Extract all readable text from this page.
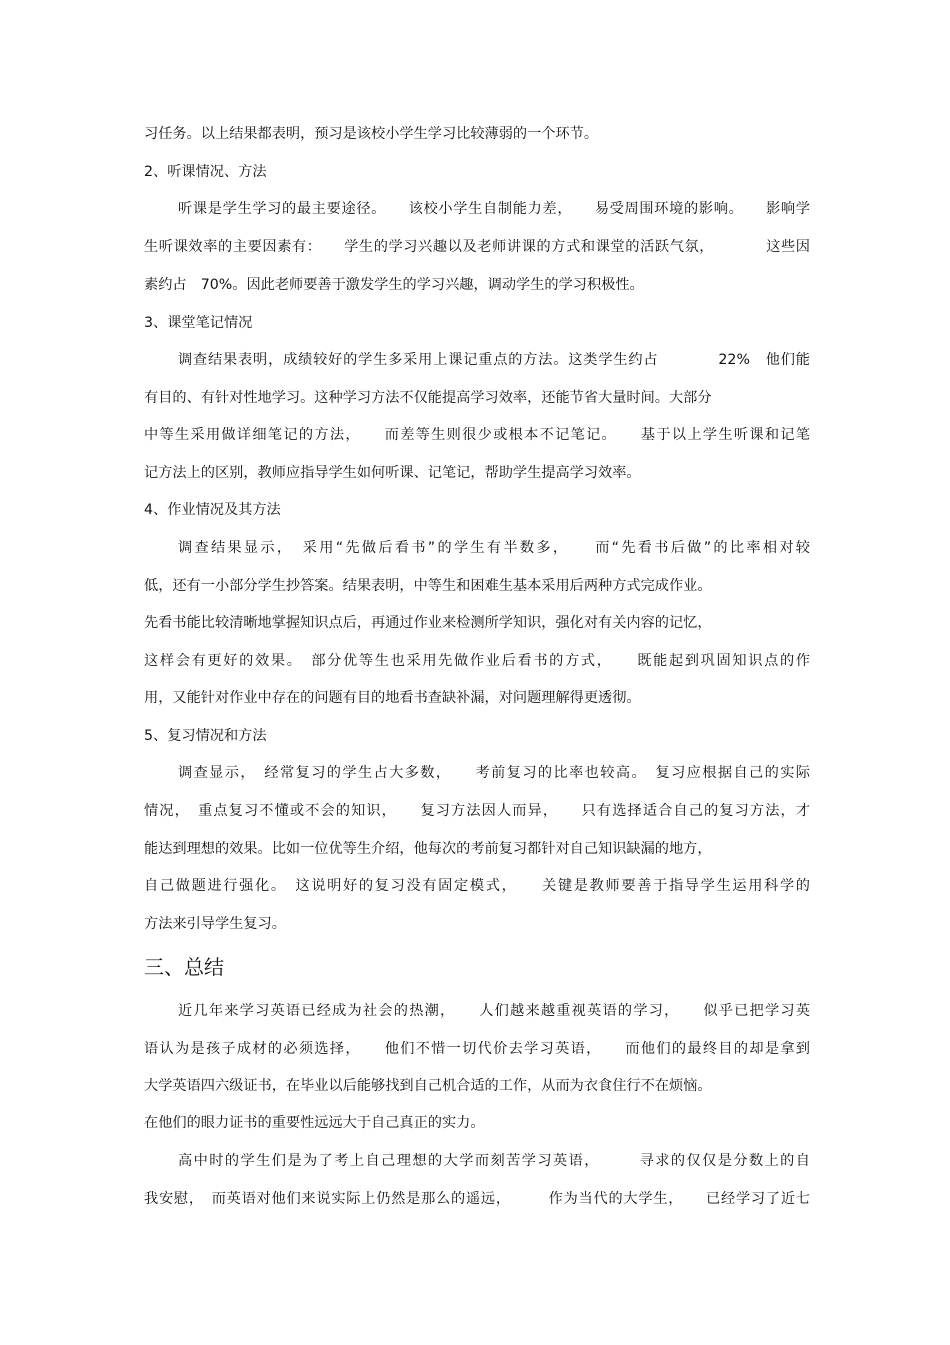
习任务。以上结果都表明，预习是该校小学生学习比较薄弱的一个环节。
2、听课情况、方法
听课是学生学习的最主要途径。　　该校小学生自制能力差，　　易受周围环境的影响。　　影响学
生听课效率的主要因素有：　　学生的学习兴趣以及老师讲课的方式和课堂的活跃气氛，　　　　这些因
素约占　70%。因此老师要善于激发学生的学习兴趣，调动学生的学习积极性。
3、课堂笔记情况
调查结果表明，成绩较好的学生多采用上课记重点的方法。这类学生约占　　　　22%　他们能
有目的、有针对性地学习。这种学习方法不仅能提高学习效率，还能节省大量时间。大部分
中等生采用做详细笔记的方法，　　而差等生则很少或根本不记笔记。　　基于以上学生听课和记笔
记方法上的区别，教师应指导学生如何听课、记笔记，帮助学生提高学习效率。
4、作业情况及其方法
调查结果显示，　采用“先做后看书”的学生有半数多，　　而“先看书后做”的比率相对较
低，还有一小部分学生抄答案。结果表明，中等生和困难生基本采用后两种方式完成作业。
先看书能比较清晰地掌握知识点后，再通过作业来检测所学知识，强化对有关内容的记忆，
这样会有更好的效果。　部分优等生也采用先做作业后看书的方式，　　既能起到巩固知识点的作
用，又能针对作业中存在的问题有目的地看书查缺补漏，对问题理解得更透彻。
5、复习情况和方法
调查显示，　经常复习的学生占大多数，　　考前复习的比率也较高。　复习应根据自己的实际
情况，　重点复习不懂或不会的知识，　　复习方法因人而异，　　只有选择适合自己的复习方法，才
能达到理想的效果。比如一位优等生介绍，他每次的考前复习都针对自己知识缺漏的地方，
自己做题进行强化。　这说明好的复习没有固定模式，　　关键是教师要善于指导学生运用科学的
方法来引导学生复习。
三、总结
近几年来学习英语已经成为社会的热潮，　　人们越来越重视英语的学习，　　似乎已把学习英
语认为是孩子成材的必须选择，　　他们不惜一切代价去学习英语，　　而他们的最终目的却是拿到
大学英语四六级证书，在毕业以后能够找到自己机合适的工作，从而为衣食住行不在烦恼。
在他们的眼力证书的重要性远远大于自己真正的实力。
高中时的学生们是为了考上自己理想的大学而刻苦学习英语，　　　寻求的仅仅是分数上的自
我安慰，　而英语对他们来说实际上仍然是那么的遥远，　　　作为当代的大学生，　　已经学习了近七
